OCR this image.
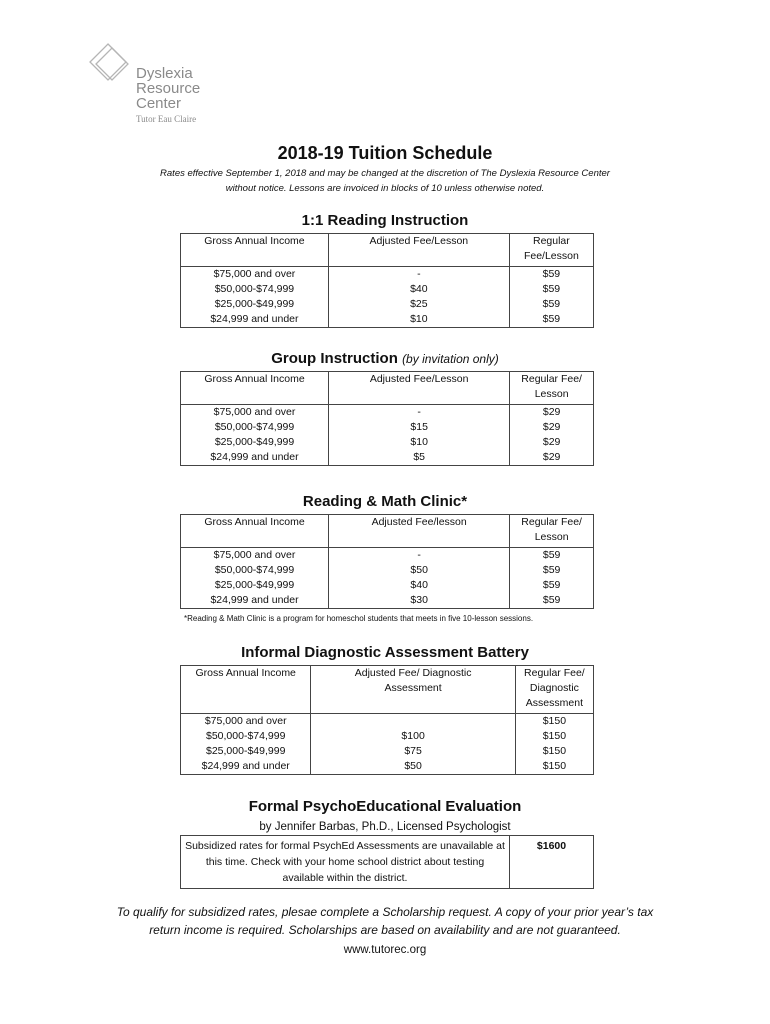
Dyslexia
Resource
Center
Tutor Eau Claire
2018-19 Tuition Schedule
Rates effective September 1, 2018 and may be changed at the discretion of The Dyslexia Resource Center
without notice. Lessons are invoiced in blocks of 10 unless otherwise noted.
1:1 Reading Instruction
Gross Annual Income	Adjusted Fee/Lesson	Regular Fee/Lesson
$75,000 and over	-	$59
$50,000-$74,999	$40	$59
$25,000-$49,999	$25	$59
$24,999 and under	$10	$59
Group Instruction (by invitation only)
Gross Annual Income	Adjusted Fee/Lesson	Regular Fee/ Lesson
$75,000 and over	-	$29
$50,000-$74,999	$15	$29
$25,000-$49,999	$10	$29
$24,999 and under	$5	$29
Reading & Math Clinic*
Gross Annual Income	Adjusted Fee/lesson	Regular Fee/ Lesson
$75,000 and over	-	$59
$50,000-$74,999	$50	$59
$25,000-$49,999	$40	$59
$24,999 and under	$30	$59
*Reading & Math Clinic is a program for homeschol students that meets in five 10-lesson sessions.
Informal Diagnostic Assessment Battery
Gross Annual Income	Adjusted Fee/ Diagnostic Assessment	Regular Fee/ Diagnostic Assessment
$75,000 and over		$150
$50,000-$74,999	$100	$150
$25,000-$49,999	$75	$150
$24,999 and under	$50	$150
Formal PsychoEducational Evaluation
by Jennifer Barbas, Ph.D., Licensed Psychologist
Subsidized rates for formal PsychEd Assessments are unavailable at this time. Check with your home school district about testing available within the district.	$1600
To qualify for subsidized rates, plesae complete a Scholarship request. A copy of your prior year’s tax
return income is required. Scholarships are based on availability and are not guaranteed.
www.tutorec.org
